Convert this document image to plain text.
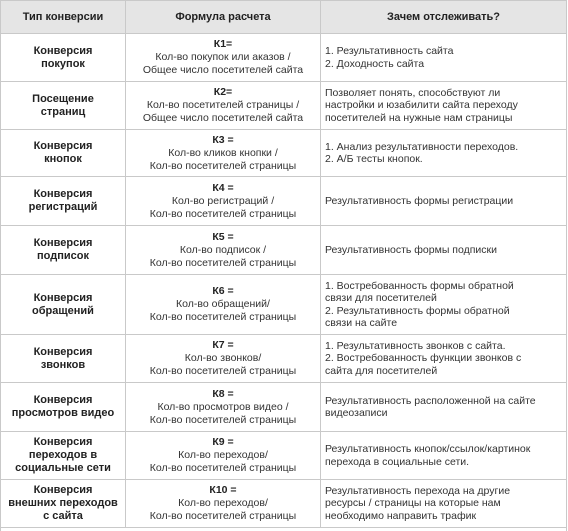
Тип конверсии	Формула расчета	Зачем отслеживать?
Конверсия
покупок
К1=
Кол-во покупок или аказов /
Общее число посетителей сайта
1. Результативность сайта
2. Доходность сайта
Посещение
страниц
К2=
Кол-во посетителей страницы /
Общее число посетителей сайта
Позволяет понять, способствуют ли
настройки и юзабилити сайта переходу
посетителей на нужные нам страницы
Конверсия
кнопок
К3 =
Кол-во кликов кнопки /
Кол-во посетителей страницы
1. Анализ результативности переходов.
2. А/Б тесты кнопок.
Конверсия
регистраций
К4 =
Кол-во регистраций /
Кол-во посетителей страницы
Результативность формы регистрации
Конверсия
подписок
К5 =
Кол-во подписок /
Кол-во посетителей страницы
Результативность формы подписки
Конверсия
обращений
К6 =
Кол-во обращений/
Кол-во посетителей страницы
1. Востребованность формы обратной
связи для посетителей
2. Результативность формы обратной
связи на сайте
Конверсия
звонков
К7 =
Кол-во звонков/
Кол-во посетителей страницы
1. Результативность звонков с сайта.
2. Востребованность функции звонков с
сайта для посетителей
Конверсия
просмотров видео
К8 =
Кол-во просмотров видео /
Кол-во посетителей страницы
Результативность расположенной на сайте
видеозаписи
Конверсия
переходов в
социальные сети
К9 =
Кол-во переходов/
Кол-во посетителей страницы
Результативность кнопок/ссылок/картинок
перехода в социальные сети.
Конверсия
внешних переходов
с сайта
К10 =
Кол-во переходов/
Кол-во посетителей страницы
Результативность перехода на другие
ресурсы / страницы на которые нам
необходимо направить трафик
